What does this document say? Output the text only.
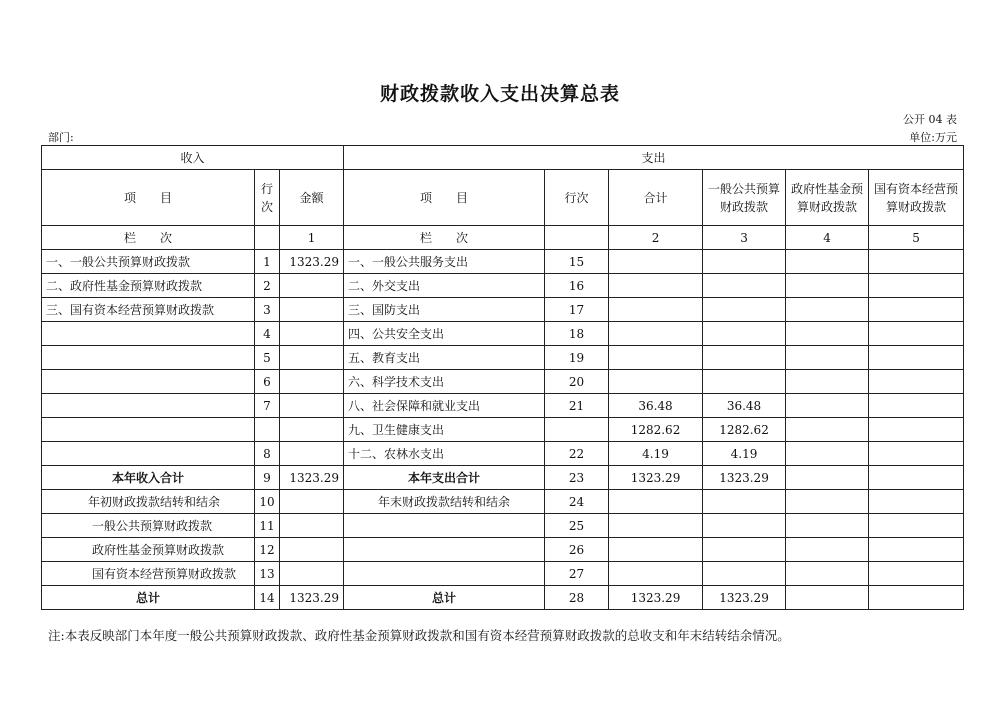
财政拨款收入支出决算总表
公开 04 表
部门:	单位:万元
收入			支出					
项　　目	行次	金额	项　　目	行次	合计	一般公共预算财政拨款	政府性基金预算财政拨款	国有资本经营预算财政拨款
栏　　次		1	栏　　次		2	3	4	5
一、一般公共预算财政拨款	1	1323.29	一、一般公共服务支出	15				
二、政府性基金预算财政拨款	2		二、外交支出	16				
三、国有资本经营预算财政拨款	3		三、国防支出	17				
	4		四、公共安全支出	18				
	5		五、教育支出	19				
	6		六、科学技术支出	20				
	7		八、社会保障和就业支出	21	36.48	36.48		
			九、卫生健康支出		1282.62	1282.62		
	8		十二、农林水支出	22	4.19	4.19		
本年收入合计	9	1323.29	本年支出合计	23	1323.29	1323.29		
年初财政拨款结转和结余	10		年末财政拨款结转和结余	24				
一般公共预算财政拨款	11			25				
政府性基金预算财政拨款	12			26				
国有资本经营预算财政拨款	13			27				
总计	14	1323.29	总计	28	1323.29	1323.29		
注:本表反映部门本年度一般公共预算财政拨款、政府性基金预算财政拨款和国有资本经营预算财政拨款的总收支和年末结转结余情况。
